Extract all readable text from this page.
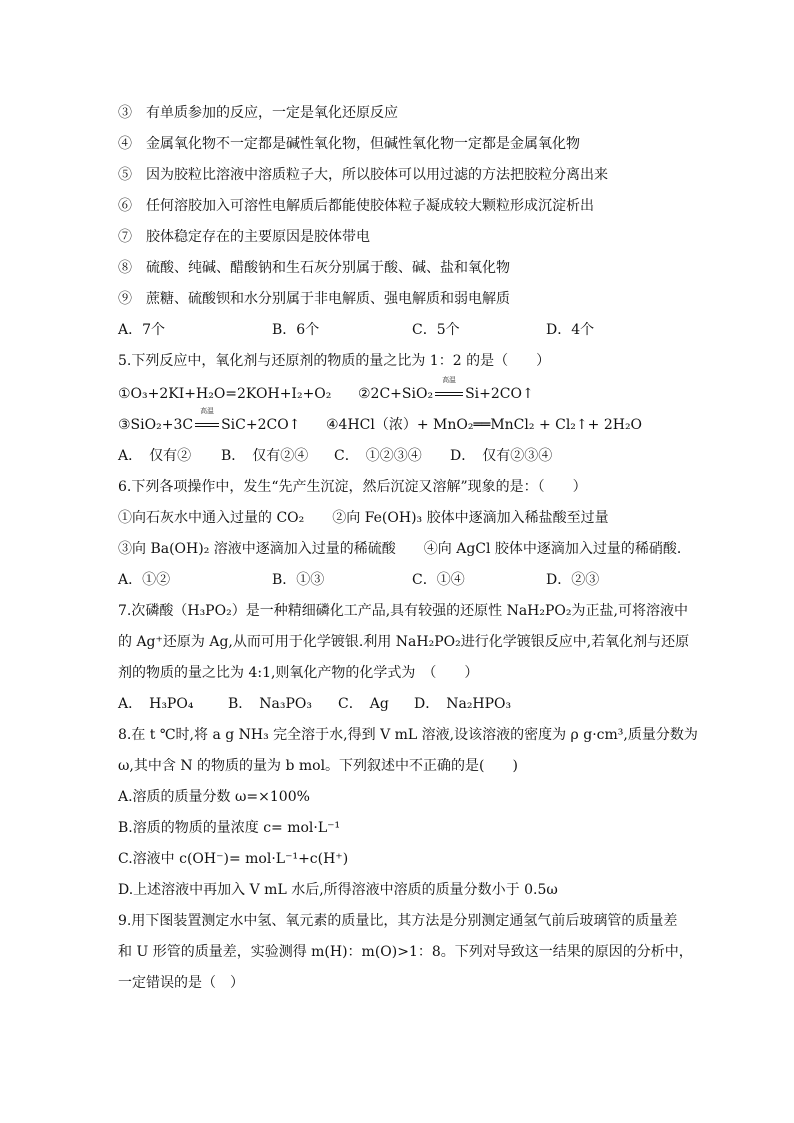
③　有单质参加的反应，一定是氧化还原反应
④　金属氧化物不一定都是碱性氧化物，但碱性氧化物一定都是金属氧化物
⑤　因为胶粒比溶液中溶质粒子大，所以胶体可以用过滤的方法把胶粒分离出来
⑥　任何溶胶加入可溶性电解质后都能使胶体粒子凝成较大颗粒形成沉淀析出
⑦　胶体稳定存在的主要原因是胶体带电
⑧　硫酸、纯碱、醋酸钠和生石灰分别属于酸、碱、盐和氧化物
⑨　蔗糖、硫酸钡和水分别属于非电解质、强电解质和弱电解质
A．7个	B．6个	C．5个	D．4个
5.下列反应中，氧化剂与还原剂的物质的量之比为 1：2 的是（　　）
①O₃+2KI+H₂O=2KOH+I₂+O₂ ②2C+SiO₂
高温
Si+2CO↑
③SiO₂+3C
高温
SiC+2CO↑ ④4HCl（浓）+ MnO₂══MnCl₂ + Cl₂↑+ 2H₂O
A．　仅有② B．　仅有②④ C．　①②③④ D．　仅有②③④
6.下列各项操作中，发生“先产生沉淀，然后沉淀又溶解”现象的是：（　　）
①向石灰水中通入过量的 CO₂　　②向 Fe(OH)₃ 胶体中逐滴加入稀盐酸至过量
③向 Ba(OH)₂ 溶液中逐滴加入过量的稀硫酸　　④向 AgCl 胶体中逐滴加入过量的稀硝酸．
A．①②	B．①③	C．①④	D．②③
7.次磷酸（H₃PO₂）是一种精细磷化工产品,具有较强的还原性 NaH₂PO₂为正盐,可将溶液中
的 Ag⁺还原为 Ag,从而可用于化学镀银.利用 NaH₂PO₂进行化学镀银反应中,若氧化剂与还原
剂的物质的量之比为 4:1,则氧化产物的化学式为　（　　）
A．　H₃PO₄ B．　Na₃PO₃ C．　Ag D．　Na₂HPO₃
8.在 t ℃时,将 a g NH₃ 完全溶于水,得到 V mL 溶液,设该溶液的密度为 ρ g·cm³,质量分数为
ω,其中含 N 的物质的量为 b mol。下列叙述中不正确的是(　　)
A.溶质的质量分数 ω=×100%
B.溶质的物质的量浓度 c= mol·L⁻¹
C.溶液中 c(OH⁻)= mol·L⁻¹+c(H⁺)
D.上述溶液中再加入 V mL 水后,所得溶液中溶质的质量分数小于 0.5ω
9.用下图装置测定水中氢、氧元素的质量比，其方法是分别测定通氢气前后玻璃管的质量差
和 U 形管的质量差，实验测得 m(H)：m(O)>1：8。下列对导致这一结果的原因的分析中，
一定错误的是（　）
